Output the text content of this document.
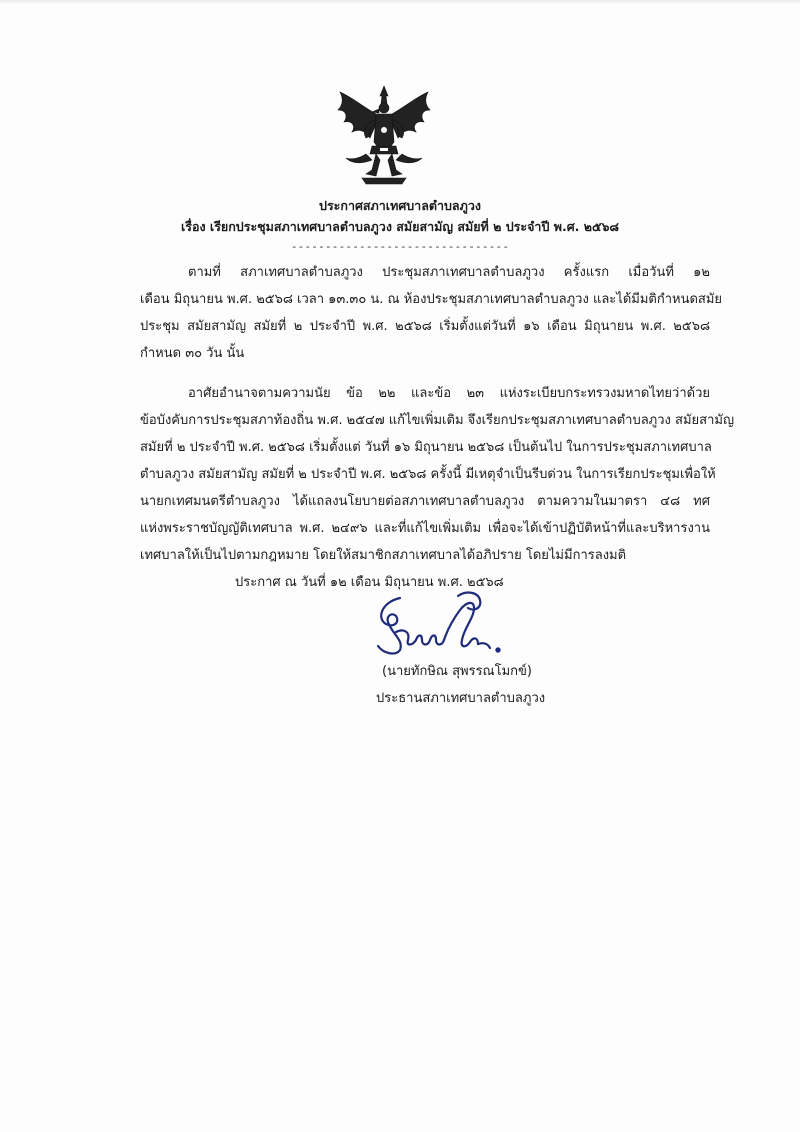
ประกาศสภาเทศบาลตำบลภูวง
เรื่อง เรียกประชุมสภาเทศบาลตำบลภูวง สมัยสามัญ สมัยที่ ๒ ประจำปี พ.ศ. ๒๕๖๘
--------------------------------
ตามที่ สภาเทศบาลตำบลภูวง ประชุมสภาเทศบาลตำบลภูวง ครั้งแรก เมื่อวันที่ ๑๒
เดือน มิถุนายน พ.ศ. ๒๕๖๘ เวลา ๑๓.๓๐ น. ณ ห้องประชุมสภาเทศบาลตำบลภูวง และได้มีมติกำหนดสมัย
ประชุม สมัยสามัญ สมัยที่ ๒ ประจำปี พ.ศ. ๒๕๖๘ เริ่มตั้งแต่วันที่ ๑๖ เดือน มิถุนายน พ.ศ. ๒๕๖๘
กำหนด ๓๐ วัน นั้น
อาศัยอำนาจตามความนัย ข้อ ๒๒ และข้อ ๒๓ แห่งระเบียบกระทรวงมหาดไทยว่าด้วย
ข้อบังคับการประชุมสภาท้องถิ่น พ.ศ. ๒๕๔๗ แก้ไขเพิ่มเติม จึงเรียกประชุมสภาเทศบาลตำบลภูวง สมัยสามัญ
สมัยที่ ๒ ประจำปี พ.ศ. ๒๕๖๘ เริ่มตั้งแต่ วันที่ ๑๖ มิถุนายน ๒๕๖๘ เป็นต้นไป ในการประชุมสภาเทศบาล
ตำบลภูวง สมัยสามัญ สมัยที่ ๒ ประจำปี พ.ศ. ๒๕๖๘ ครั้งนี้ มีเหตุจำเป็นรีบด่วน ในการเรียกประชุมเพื่อให้
นายกเทศมนตรีตำบลภูวง ได้แถลงนโยบายต่อสภาเทศบาลตำบลภูวง ตามความในมาตรา ๔๘ ทศ
แห่งพระราชบัญญัติเทศบาล พ.ศ. ๒๔๙๖ และที่แก้ไขเพิ่มเติม เพื่อจะได้เข้าปฏิบัติหน้าที่และบริหารงาน
เทศบาลให้เป็นไปตามกฎหมาย โดยให้สมาชิกสภาเทศบาลได้อภิปราย โดยไม่มีการลงมติ
ประกาศ ณ วันที่ ๑๒ เดือน มิถุนายน พ.ศ. ๒๕๖๘
(นายทักษิณ สุพรรณโมกข์)
ประธานสภาเทศบาลตำบลภูวง
